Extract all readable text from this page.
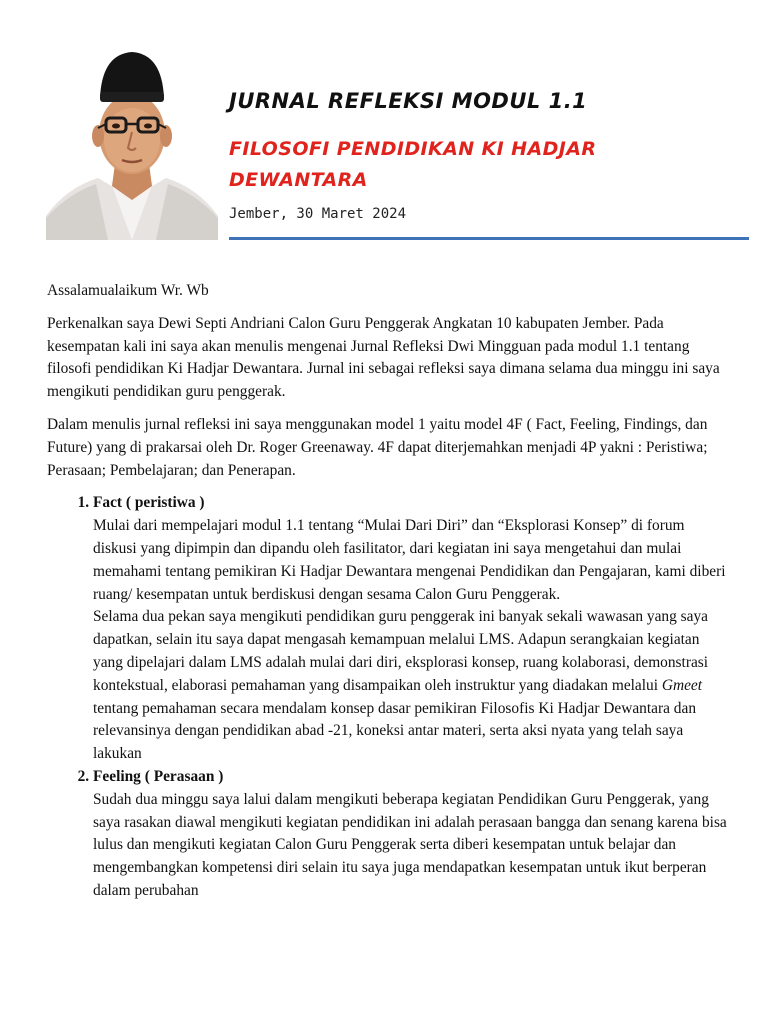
JURNAL REFLEKSI MODUL 1.1
FILOSOFI PENDIDIKAN KI HADJAR DEWANTARA
Jember, 30 Maret 2024

Assalamualaikum Wr. Wb

Perkenalkan saya Dewi Septi Andriani Calon Guru Penggerak Angkatan 10 kabupaten Jember. Pada kesempatan kali ini saya akan menulis mengenai Jurnal Refleksi Dwi Mingguan pada modul 1.1 tentang filosofi pendidikan Ki Hadjar Dewantara. Jurnal ini sebagai refleksi saya dimana selama dua minggu ini saya mengikuti pendidikan guru penggerak.

Dalam menulis jurnal refleksi ini saya menggunakan model 1 yaitu model 4F ( Fact, Feeling, Findings, dan Future) yang di prakarsai oleh Dr. Roger Greenaway. 4F dapat diterjemahkan menjadi 4P yakni : Peristiwa; Perasaan; Pembelajaran; dan Penerapan.

1. Fact ( peristiwa )
Mulai dari mempelajari modul 1.1 tentang “Mulai Dari Diri” dan “Eksplorasi Konsep” di forum diskusi yang dipimpin dan dipandu oleh fasilitator, dari kegiatan ini saya mengetahui dan mulai memahami tentang pemikiran Ki Hadjar Dewantara mengenai Pendidikan dan Pengajaran, kami diberi ruang/ kesempatan untuk berdiskusi dengan sesama Calon Guru Penggerak.
Selama dua pekan saya mengikuti pendidikan guru penggerak ini banyak sekali wawasan yang saya dapatkan, selain itu saya dapat mengasah kemampuan melalui LMS. Adapun serangkaian kegiatan yang dipelajari dalam LMS adalah mulai dari diri, eksplorasi konsep, ruang kolaborasi, demonstrasi kontekstual, elaborasi pemahaman yang disampaikan oleh instruktur yang diadakan melalui Gmeet tentang pemahaman secara mendalam konsep dasar pemikiran Filosofis Ki Hadjar Dewantara dan relevansinya dengan pendidikan abad -21, koneksi antar materi, serta aksi nyata yang telah saya lakukan
2. Feeling ( Perasaan )
Sudah dua minggu saya lalui dalam mengikuti beberapa kegiatan Pendidikan Guru Penggerak, yang saya rasakan diawal mengikuti kegiatan pendidikan ini adalah perasaan bangga dan senang karena bisa lulus dan mengikuti kegiatan Calon Guru Penggerak serta diberi kesempatan untuk belajar dan mengembangkan kompetensi diri selain itu saya juga mendapatkan kesempatan untuk ikut berperan dalam perubahan
